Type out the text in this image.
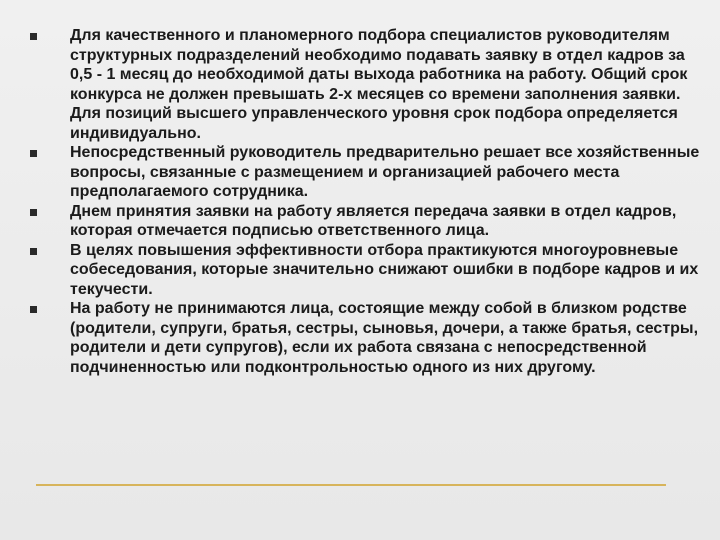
Для качественного и планомерного подбора специалистов руководителям структурных подразделений необходимо подавать заявку в отдел кадров за 0,5 - 1 месяц до необходимой даты выхода работника на работу. Общий срок конкурса не должен превышать 2-х месяцев со времени заполнения заявки. Для позиций высшего управленческого уровня срок подбора определяется индивидуально.
Непосредственный руководитель предварительно решает все хозяйственные вопросы, связанные с размещением и организацией рабочего места предполагаемого сотрудника.
Днем принятия заявки на работу является передача заявки в отдел кадров, которая отмечается подписью ответственного лица.
В целях повышения эффективности отбора практикуются многоуровневые собеседования, которые значительно снижают ошибки в подборе кадров и их текучести.
На работу не принимаются лица, состоящие между собой в близком родстве (родители, супруги, братья, сестры, сыновья, дочери, а также братья, сестры, родители и дети супругов), если их работа связана с непосредственной подчиненностью или подконтрольностью одного из них другому.
